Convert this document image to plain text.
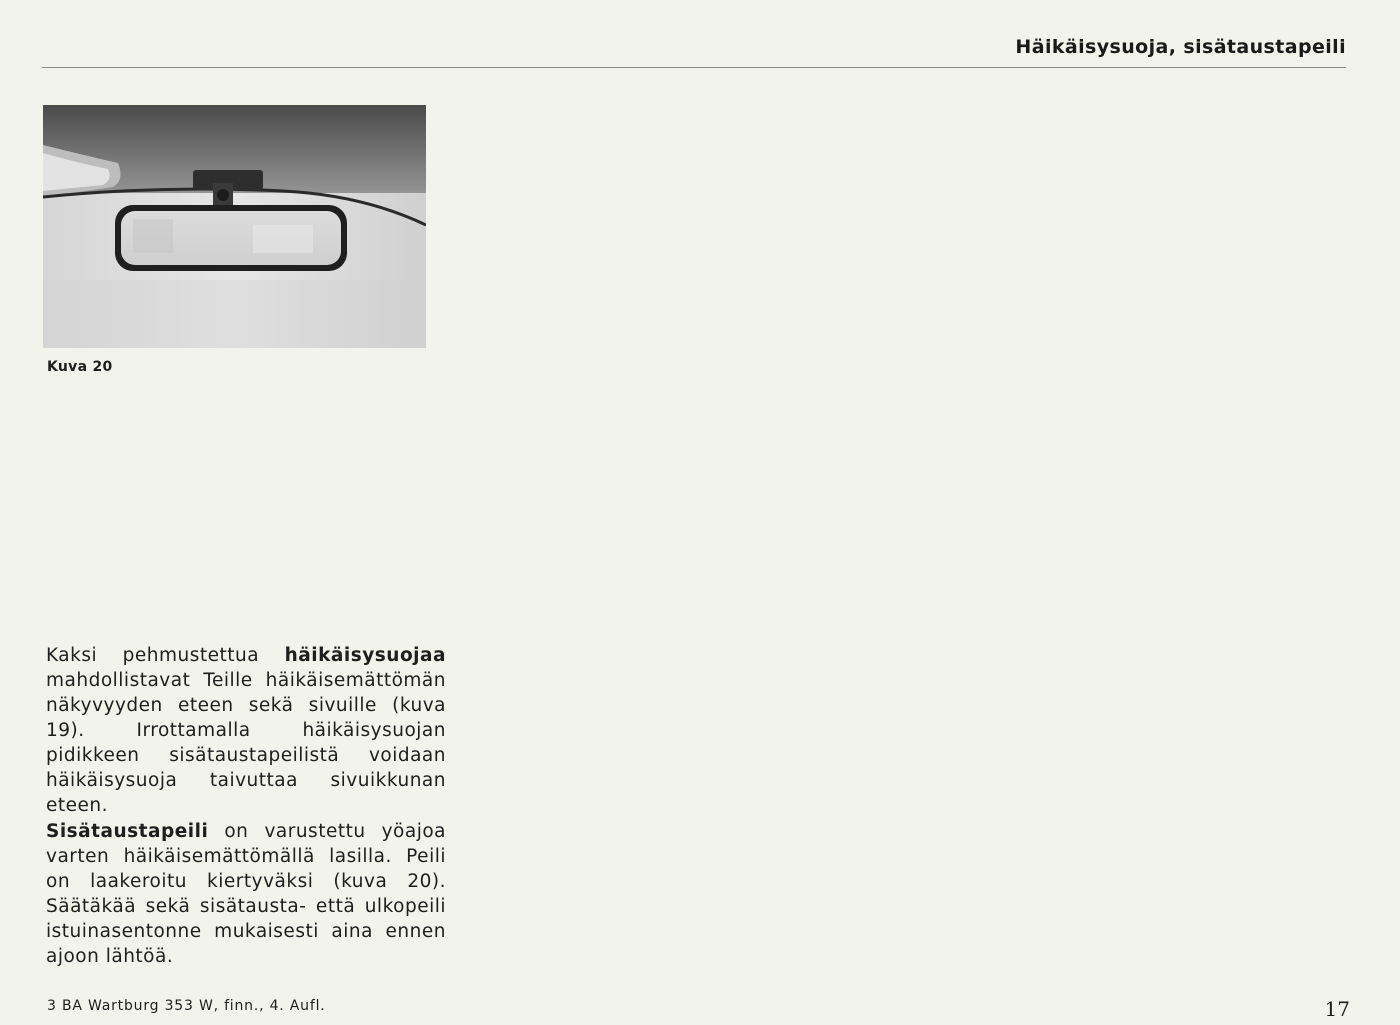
Häikäisysuoja, sisätaustapeili
Kuva 20

Kaksi pehmustettua häikäisysuojaa mahdollistavat Teille häikäisemättömän näkyvyyden eteen sekä sivuille (kuva 19). Irrottamalla häikäisysuojan pidikkeen sisätaustapeilistä voidaan häikäisysuoja taivuttaa sivuikkunan eteen.

Sisätaustapeili on varustettu yöajoa varten häikäisemättömällä lasilla. Peili on laakeroitu kiertyväksi (kuva 20). Säätäkää sekä sisätausta- että ulkopeili istuinasentonne mukaisesti aina ennen ajoon lähtöä.

3 BA Wartburg 353 W, finn., 4. Aufl.	17
